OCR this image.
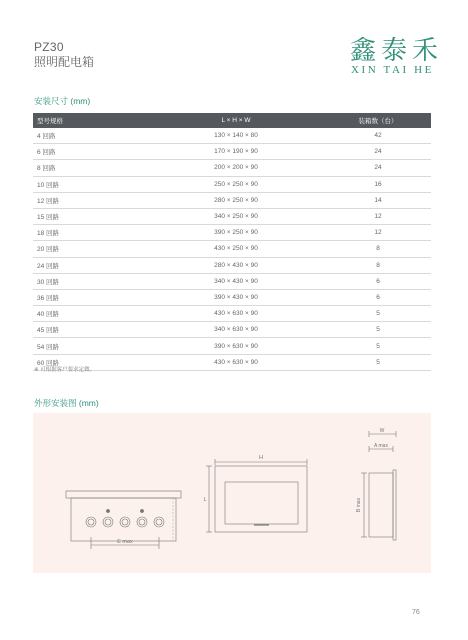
PZ30
照明配电箱	鑫泰禾
XIN TAI HE
安装尺寸 (mm)
型号规格	L × H × W	装箱数（台）
4 回路	130 × 140 × 80	42
6 回路	170 × 190 × 90	24
8 回路	200 × 200 × 90	24
10 回路	250 × 250 × 90	16
12 回路	280 × 250 × 90	14
15 回路	340 × 250 × 90	12
18 回路	390 × 250 × 90	12
20 回路	430 × 250 × 90	8
24 回路	280 × 430 × 90	8
30 回路	340 × 430 × 90	6
36 回路	390 × 430 × 90	6
40 回路	430 × 630 × 90	5
45 回路	340 × 630 × 90	5
54 回路	390 × 630 × 90	5
60 回路	430 × 630 × 90	5
※ 可根据客户要求定做。
外形安装图 (mm)
E max
H
L
W
A max
B max
76
